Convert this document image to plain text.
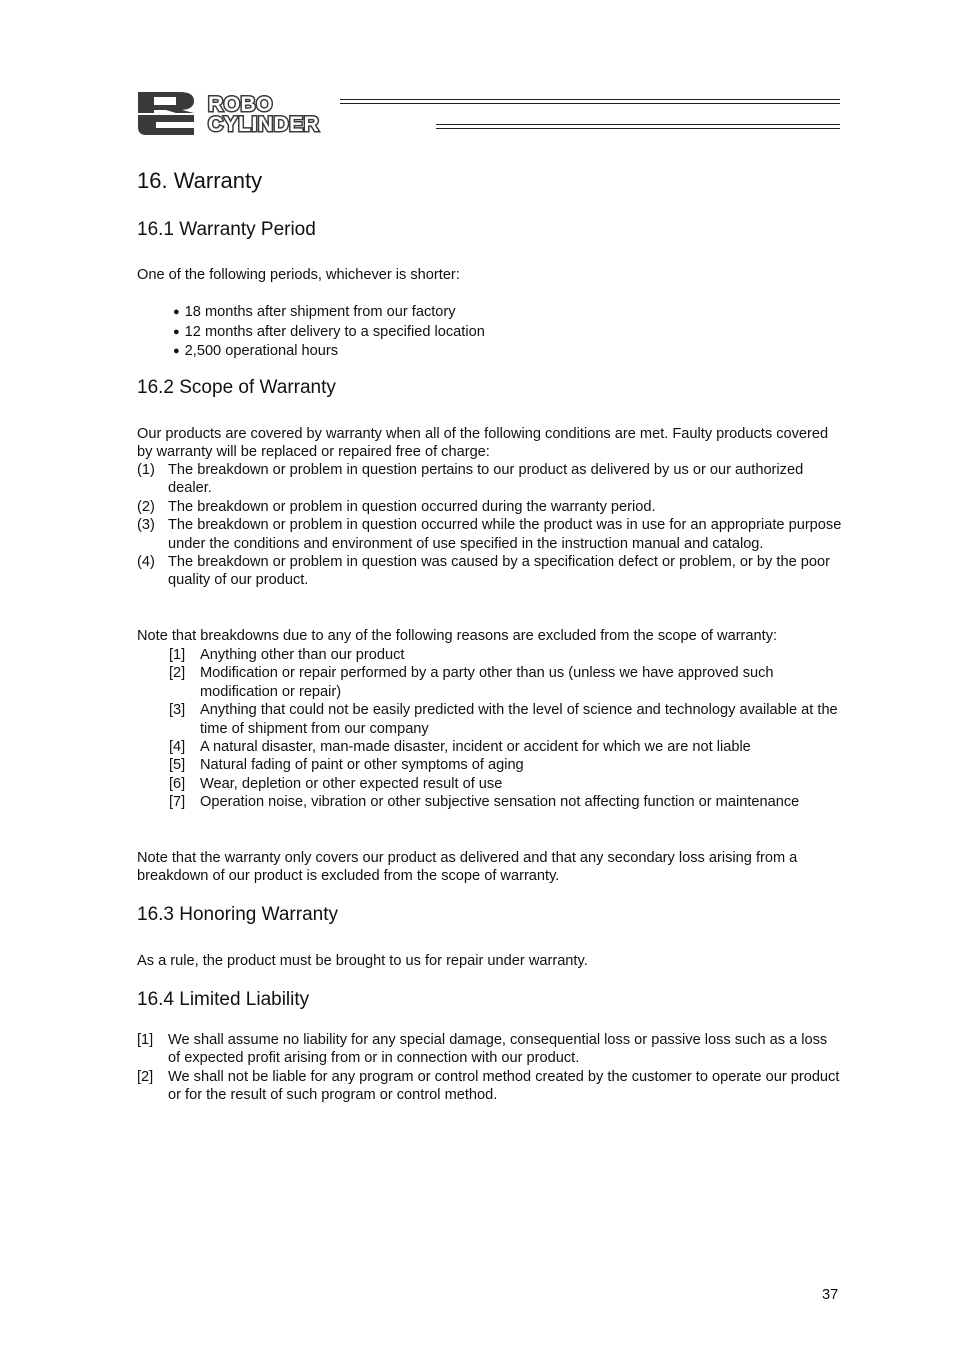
ROBO
CYLINDER
16. Warranty
16.1 Warranty Period

One of the following periods, whichever is shorter:

● 18 months after shipment from our factory
● 12 months after delivery to a specified location
● 2,500 operational hours
16.2 Scope of Warranty

Our products are covered by warranty when all of the following conditions are met. Faulty products covered by warranty will be replaced or repaired free of charge:

(1) The breakdown or problem in question pertains to our product as delivered by us or our authorized dealer.
(2) The breakdown or problem in question occurred during the warranty period.
(3) The breakdown or problem in question occurred while the product was in use for an appropriate purpose under the conditions and environment of use specified in the instruction manual and catalog.
(4) The breakdown or problem in question was caused by a specification defect or problem, or by the poor quality of our product.

Note that breakdowns due to any of the following reasons are excluded from the scope of warranty:

[1] Anything other than our product
[2] Modification or repair performed by a party other than us (unless we have approved such modification or repair)
[3] Anything that could not be easily predicted with the level of science and technology available at the time of shipment from our company
[4] A natural disaster, man-made disaster, incident or accident for which we are not liable
[5] Natural fading of paint or other symptoms of aging
[6] Wear, depletion or other expected result of use
[7] Operation noise, vibration or other subjective sensation not affecting function or maintenance

Note that the warranty only covers our product as delivered and that any secondary loss arising from a breakdown of our product is excluded from the scope of warranty.

16.3 Honoring Warranty

As a rule, the product must be brought to us for repair under warranty.

16.4 Limited Liability
[1] We shall assume no liability for any special damage, consequential loss or passive loss such as a loss of expected profit arising from or in connection with our product.
[2] We shall not be liable for any program or control method created by the customer to operate our product or for the result of such program or control method.
37
